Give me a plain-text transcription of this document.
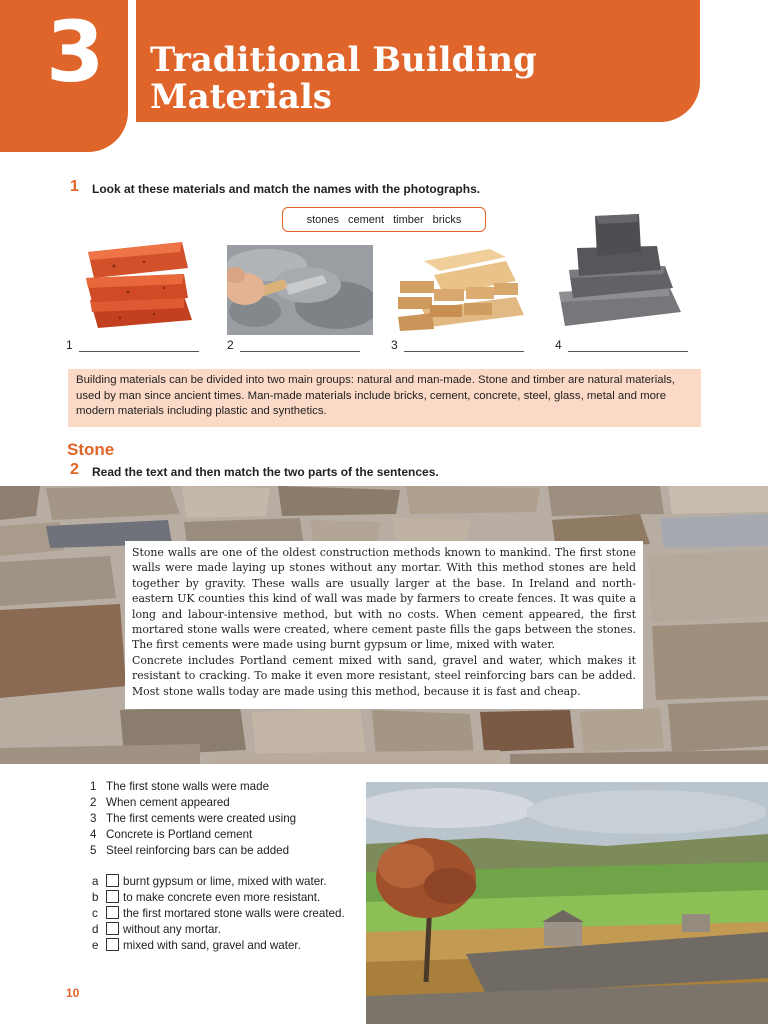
3 Traditional Building
Materials
1 Look at these materials and match the names with the photographs.
stones cement timber bricks
1	2	3	4
Building materials can be divided into two main groups: natural and man-made. Stone and timber are natural materials, used by man since ancient times. Man-made materials include bricks, cement, concrete, steel, glass, metal and more modern materials including plastic and synthetics.
Stone
2 Read the text and then match the two parts of the sentences.

Stone walls are one of the oldest construction methods known to mankind. The first stone walls were made laying up stones without any mortar. With this method stones are held together by gravity. These walls are usually larger at the base. In Ireland and north-eastern UK counties this kind of wall was made by farmers to create fences. It was quite a long and labour-intensive method, but with no costs. When cement appeared, the first mortared stone walls were created, where cement paste fills the gaps between the stones. The first cements were made using burnt gypsum or lime, mixed with water.

Concrete includes Portland cement mixed with sand, gravel and water, which makes it resistant to cracking. To make it even more resistant, steel reinforcing bars can be added. Most stone walls today are made using this method, because it is fast and cheap.

1 The first stone walls were made
2 When cement appeared
3 The first cements were created using
4 Concrete is Portland cement
5 Steel reinforcing bars can be added
a burnt gypsum or lime, mixed with water.
b to make concrete even more resistant.
c the first mortared stone walls were created.
d without any mortar.
e mixed with sand, gravel and water.
10
